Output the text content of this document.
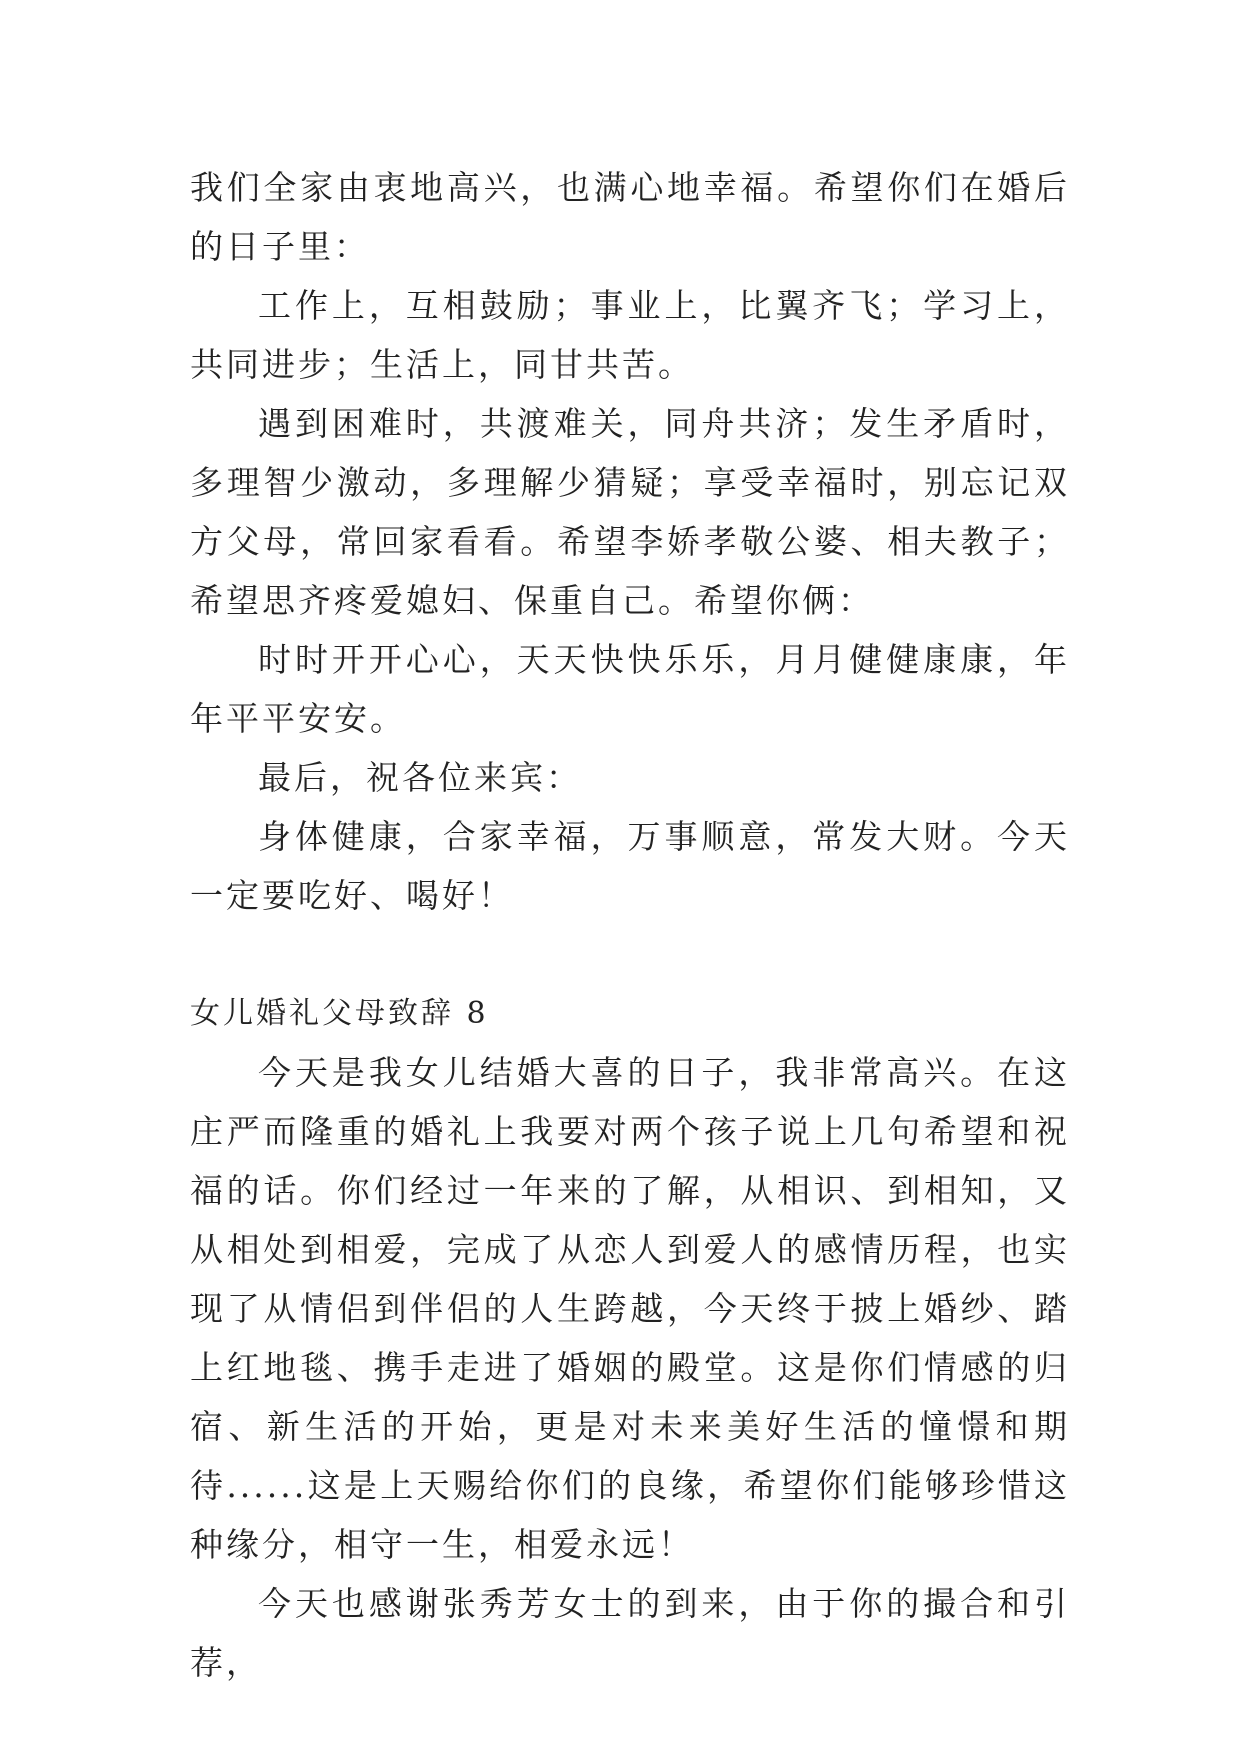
我们全家由衷地高兴，也满心地幸福。希望你们在婚后的日子里：

工作上，互相鼓励；事业上，比翼齐飞；学习上，共同进步；生活上，同甘共苦。

遇到困难时，共渡难关，同舟共济；发生矛盾时，多理智少激动，多理解少猜疑；享受幸福时，别忘记双方父母，常回家看看。希望李娇孝敬公婆、相夫教子；希望思齐疼爱媳妇、保重自己。希望你俩：

时时开开心心，天天快快乐乐，月月健健康康，年年平平安安。

最后，祝各位来宾：

身体健康，合家幸福，万事顺意，常发大财。今天一定要吃好、喝好！

女儿婚礼父母致辞 8

今天是我女儿结婚大喜的日子，我非常高兴。在这庄严而隆重的婚礼上我要对两个孩子说上几句希望和祝福的话。你们经过一年来的了解，从相识、到相知，又从相处到相爱，完成了从恋人到爱人的感情历程，也实现了从情侣到伴侣的人生跨越，今天终于披上婚纱、踏上红地毯、携手走进了婚姻的殿堂。这是你们情感的归宿、新生活的开始，更是对未来美好生活的憧憬和期待......这是上天赐给你们的良缘，希望你们能够珍惜这种缘分，相守一生，相爱永远！

今天也感谢张秀芳女士的到来，由于你的撮合和引荐，
